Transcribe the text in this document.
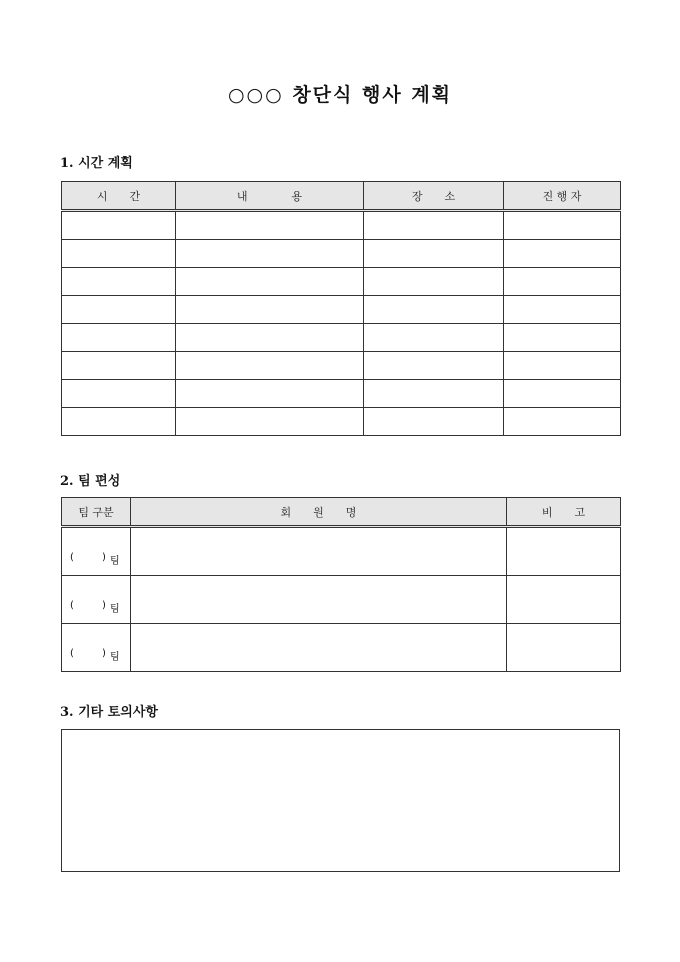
○○○ 창단식 행사 계획
1. 시간 계획
시　　간	내　　　　용	장　　소	진 행 자

2. 팀 편성
팀 구분	회　　원　　명	비　　고

( ) 팀		

( ) 팀		

( ) 팀		

3. 기타 토의사항
